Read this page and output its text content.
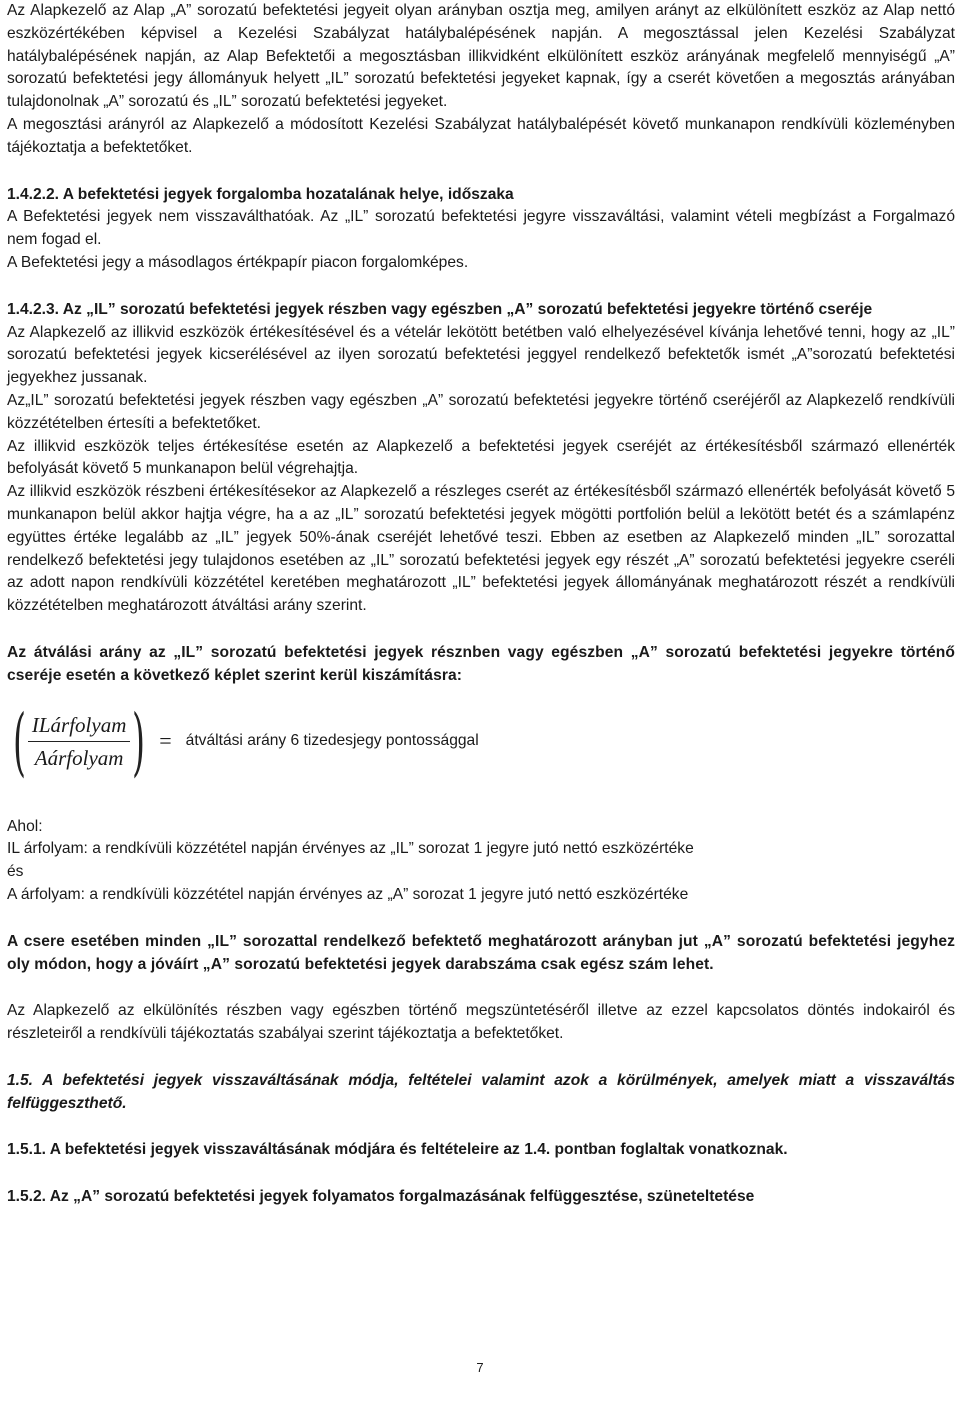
Az Alapkezelő az Alap „A” sorozatú befektetési jegyeit olyan arányban osztja meg, amilyen arányt az elkülönített eszköz az Alap nettó eszközértékében képvisel a Kezelési Szabályzat hatálybalépésének napján. A megosztással jelen Kezelési Szabályzat hatálybalépésének napján, az Alap Befektetői a megosztásban illikvidként elkülönített eszköz arányának megfelelő mennyiségű „A” sorozatú befektetési jegy állományuk helyett „IL” sorozatú befektetési jegyeket kapnak, így a cserét követően a megosztás arányában tulajdonolnak „A” sorozatú és „IL” sorozatú befektetési jegyeket.

A megosztási arányról az Alapkezelő a módosított Kezelési Szabályzat hatálybalépését követő munkanapon rendkívüli közleményben tájékoztatja a befektetőket.

1.4.2.2. A befektetési jegyek forgalomba hozatalának helye, időszaka

A Befektetési jegyek nem visszaválthatóak. Az „IL” sorozatú befektetési jegyre visszaváltási, valamint vételi megbízást a Forgalmazó nem fogad el.

A Befektetési jegy a másodlagos értékpapír piacon forgalomképes.

1.4.2.3. Az „IL” sorozatú befektetési jegyek részben vagy egészben „A” sorozatú befektetési jegyekre történő cseréje

Az Alapkezelő az illikvid eszközök értékesítésével és a vételár lekötött betétben való elhelyezésével kívánja lehetővé tenni, hogy az „IL” sorozatú befektetési jegyek kicserélésével az ilyen sorozatú befektetési jeggyel rendelkező befektetők ismét „A”sorozatú befektetési jegyekhez jussanak.

Az„IL” sorozatú befektetési jegyek részben vagy egészben „A” sorozatú befektetési jegyekre történő cseréjéről az Alapkezelő rendkívüli közzétételben értesíti a befektetőket.

Az illikvid eszközök teljes értékesítése esetén az Alapkezelő a befektetési jegyek cseréjét az értékesítésből származó ellenérték befolyását követő 5 munkanapon belül végrehajtja.

Az illikvid eszközök részbeni értékesítésekor az Alapkezelő a részleges cserét az értékesítésből származó ellenérték befolyását követő 5 munkanapon belül akkor hajtja végre, ha a az „IL” sorozatú befektetési jegyek mögötti portfolión belül a lekötött betét és a számlapénz együttes értéke legalább az „IL” jegyek 50%-ának cseréjét lehetővé teszi. Ebben az esetben az Alapkezelő minden „IL” sorozattal rendelkező befektetési jegy tulajdonos esetében az „IL” sorozatú befektetési jegyek egy részét „A” sorozatú befektetési jegyekre cseréli az adott napon rendkívüli közzététel keretében meghatározott „IL” befektetési jegyek állományának meghatározott részét a rendkívüli közzétételben meghatározott átváltási arány szerint.

Az átválási arány az „IL” sorozatú befektetési jegyek résznben vagy egészben „A” sorozatú befektetési jegyekre történő cseréje esetén a következő képlet szerint kerül kiszámításra:

( $\frac{\text{ILárfolyam}}{\text{Aárfolyam}}$ ) = átváltási arány 6 tizedesjegy pontossággal

Ahol:

IL árfolyam: a rendkívüli közzététel napján érvényes az „IL” sorozat 1 jegyre jutó nettó eszközértéke

és

A árfolyam: a rendkívüli közzététel napján érvényes az „A” sorozat 1 jegyre jutó nettó eszközértéke

A csere esetében minden „IL” sorozattal rendelkező befektető meghatározott arányban jut „A” sorozatú befektetési jegyhez oly módon, hogy a jóváírt „A” sorozatú befektetési jegyek darabszáma csak egész szám lehet.

Az Alapkezelő az elkülönítés részben vagy egészben történő megszüntetéséről illetve az ezzel kapcsolatos döntés indokairól és részleteiről a rendkívüli tájékoztatás szabályai szerint tájékoztatja a befektetőket.

1.5. A befektetési jegyek visszaváltásának módja, feltételei valamint azok a körülmények, amelyek miatt a visszaváltás felfüggeszthető.

1.5.1. A befektetési jegyek visszaváltásának módjára és feltételeire az 1.4. pontban foglaltak vonatkoznak.

1.5.2. Az „A” sorozatú befektetési jegyek folyamatos forgalmazásának felfüggesztése, szüneteltetése

7
